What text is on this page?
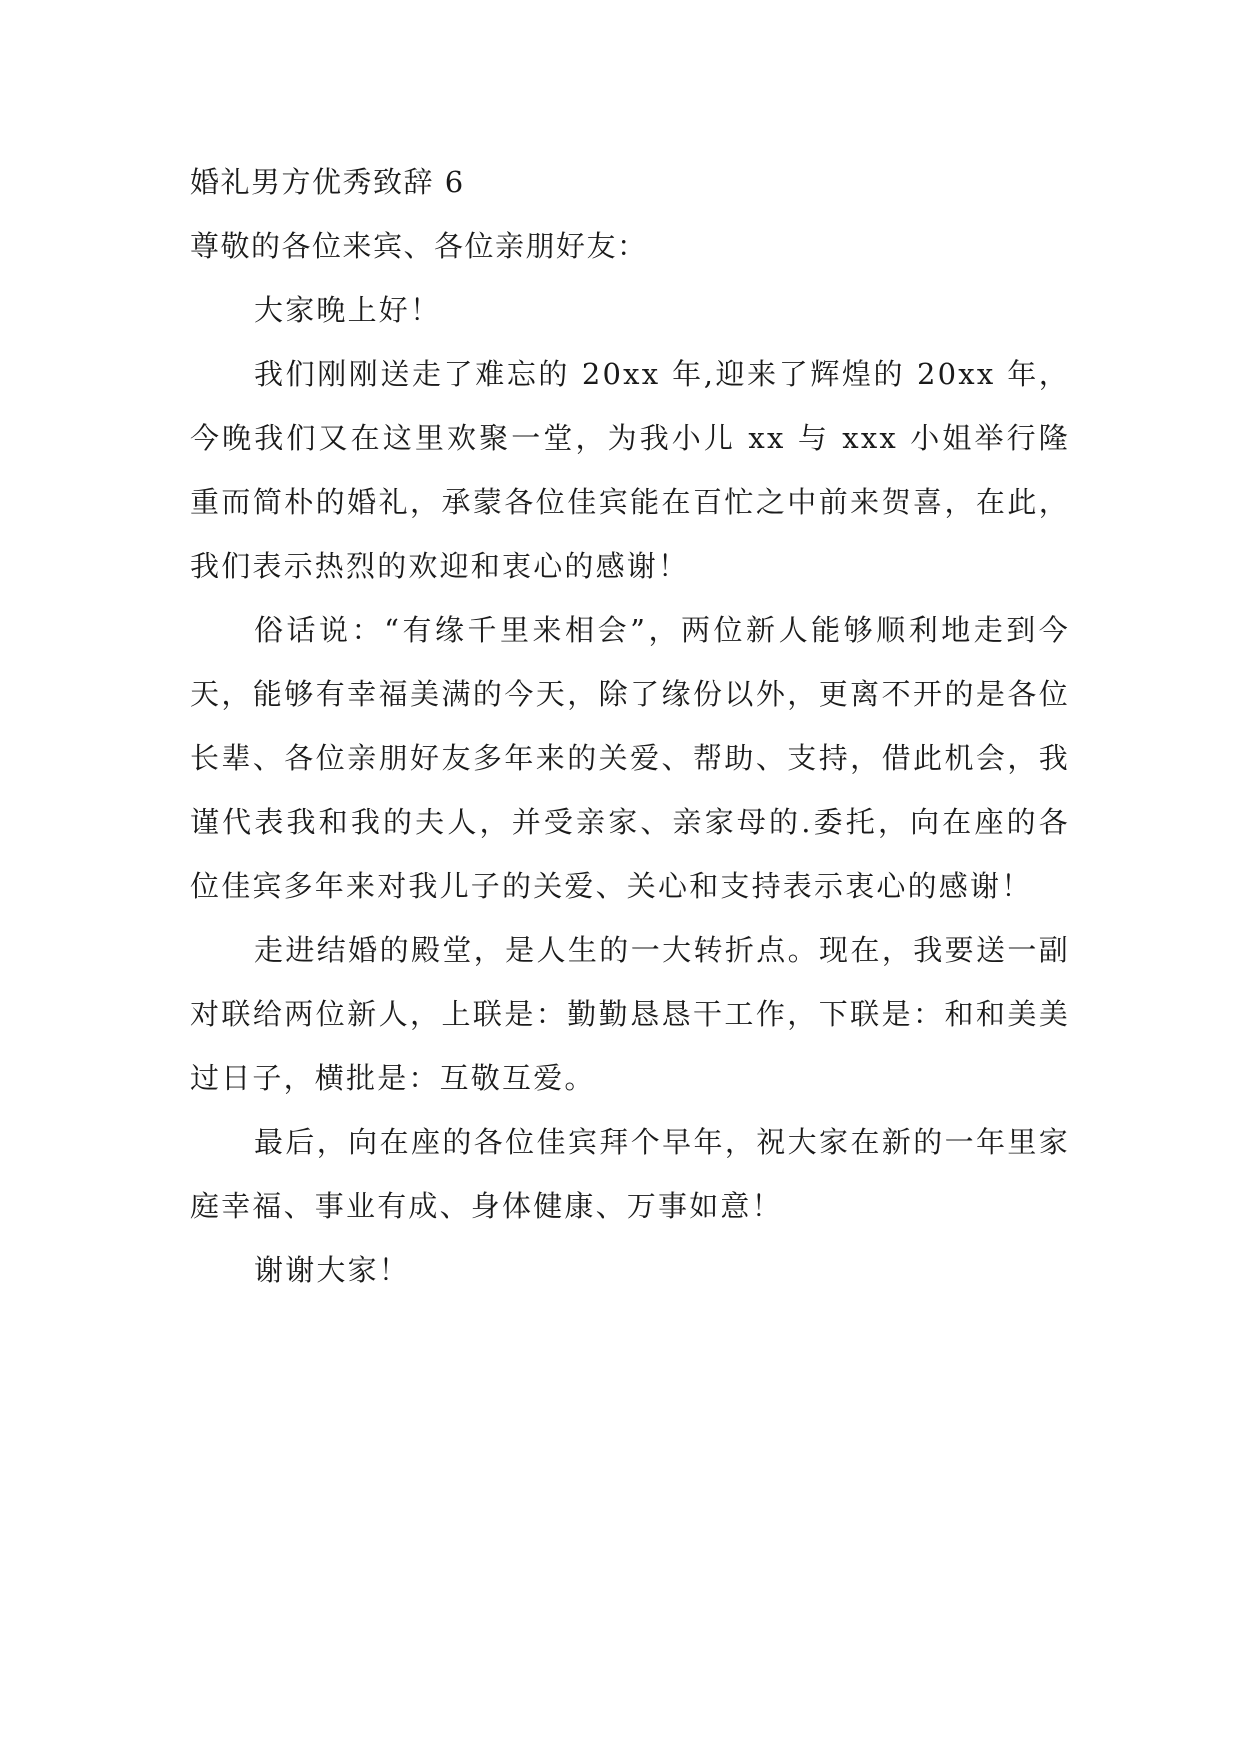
婚礼男方优秀致辞 6

尊敬的各位来宾、各位亲朋好友：

大家晚上好！

我们刚刚送走了难忘的 20xx 年,迎来了辉煌的 20xx 年，今晚我们又在这里欢聚一堂，为我小儿 xx 与 xxx 小姐举行隆重而简朴的婚礼，承蒙各位佳宾能在百忙之中前来贺喜，在此，我们表示热烈的欢迎和衷心的感谢！

俗话说：“有缘千里来相会”，两位新人能够顺利地走到今天，能够有幸福美满的今天，除了缘份以外，更离不开的是各位长辈、各位亲朋好友多年来的关爱、帮助、支持，借此机会，我谨代表我和我的夫人，并受亲家、亲家母的.委托，向在座的各位佳宾多年来对我儿子的关爱、关心和支持表示衷心的感谢！

走进结婚的殿堂，是人生的一大转折点。现在，我要送一副对联给两位新人，上联是：勤勤恳恳干工作，下联是：和和美美过日子，横批是：互敬互爱。

最后，向在座的各位佳宾拜个早年，祝大家在新的一年里家庭幸福、事业有成、身体健康、万事如意！

谢谢大家！
